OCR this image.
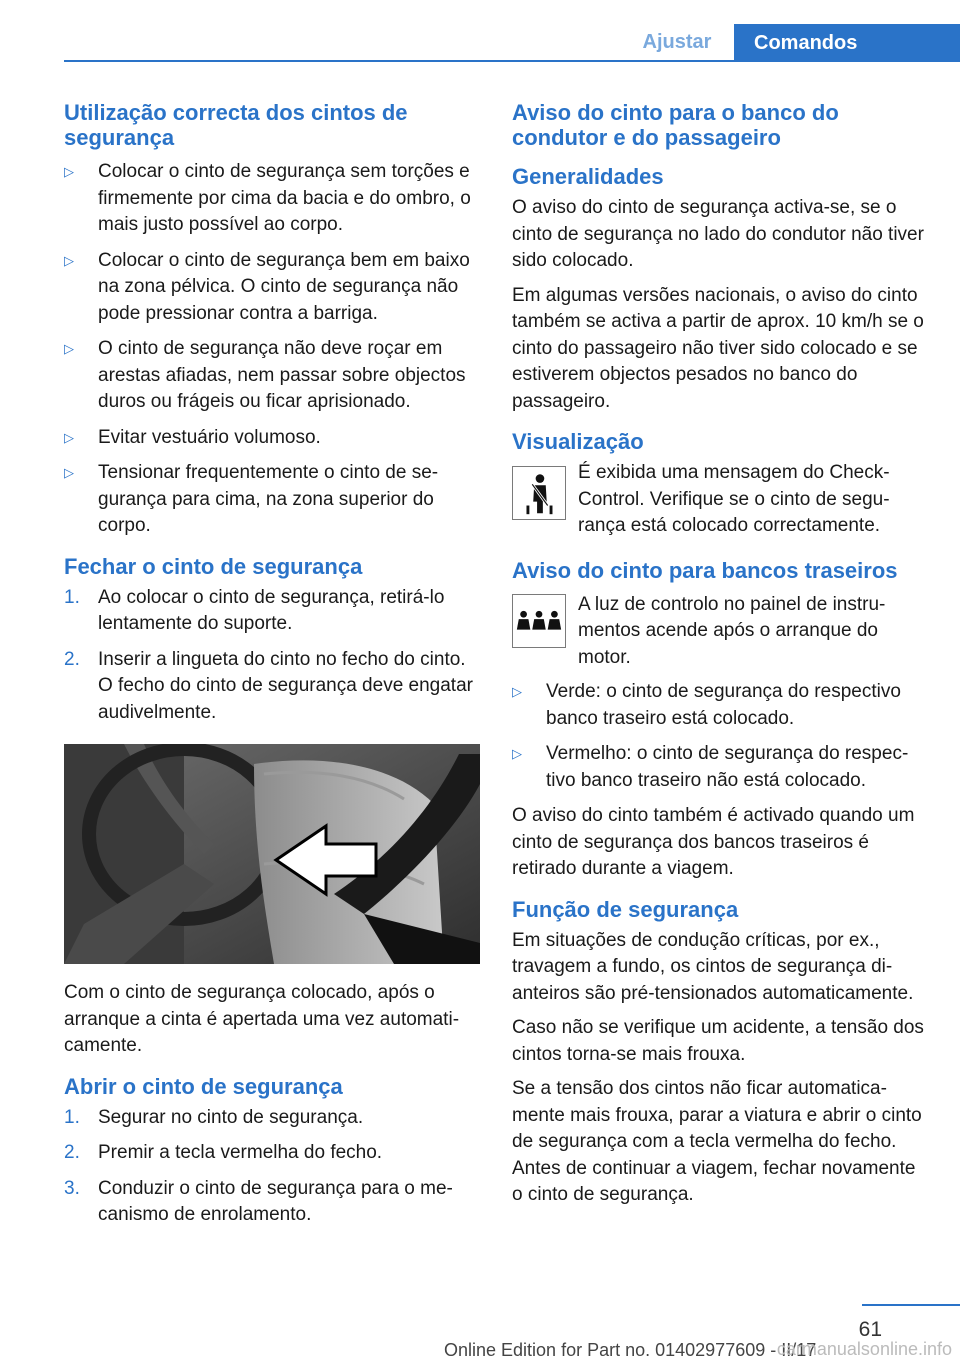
Ajustar	Comandos
Utilização correcta dos cintos de segurança
▷ Colocar o cinto de segurança sem torções e firmemente por cima da bacia e do ombro, o mais justo possível ao corpo.
▷ Colocar o cinto de segurança bem em baixo na zona pélvica. O cinto de segurança não pode pressionar contra a barriga.
▷ O cinto de segurança não deve roçar em arestas afiadas, nem passar sobre objectos duros ou frágeis ou ficar aprisionado.
▷ Evitar vestuário volumoso.
▷ Tensionar frequentemente o cinto de segurança para cima, na zona superior do corpo.
Fechar o cinto de segurança
1. Ao colocar o cinto de segurança, retirá-lo lentamente do suporte.
2. Inserir a lingueta do cinto no fecho do cinto. O fecho do cinto de segurança deve engatar audivelmente.

Com o cinto de segurança colocado, após o arranque a cinta é apertada uma vez automaticamente.

Abrir o cinto de segurança
1. Segurar no cinto de segurança.
2. Premir a tecla vermelha do fecho.
3. Conduzir o cinto de segurança para o mecanismo de enrolamento.
Aviso do cinto para o banco do condutor e do passageiro
Generalidades

O aviso do cinto de segurança activa-se, se o cinto de segurança no lado do condutor não tiver sido colocado.

Em algumas versões nacionais, o aviso do cinto também se activa a partir de aprox. 10 km/h se o cinto do passageiro não tiver sido colocado e se estiverem objectos pesados no banco do passageiro.

Visualização

É exibida uma mensagem do Check-Control. Verifique se o cinto de segurança está colocado correctamente.

Aviso do cinto para bancos traseiros

A luz de controlo no painel de instrumentos acende após o arranque do motor.

▷ Verde: o cinto de segurança do respectivo banco traseiro está colocado.
▷ Vermelho: o cinto de segurança do respectivo banco traseiro não está colocado.

O aviso do cinto também é activado quando um cinto de segurança dos bancos traseiros é retirado durante a viagem.

Função de segurança

Em situações de condução críticas, por ex., travagem a fundo, os cintos de segurança dianteiros são pré-tensionados automaticamente.

Caso não se verifique um acidente, a tensão dos cintos torna-se mais frouxa.

Se a tensão dos cintos não ficar automaticamente mais frouxa, parar a viatura e abrir o cinto de segurança com a tecla vermelha do fecho. Antes de continuar a viagem, fechar novamente o cinto de segurança.

61
Online Edition for Part no. 01402977609 - II/17
carmanualsonline.info
